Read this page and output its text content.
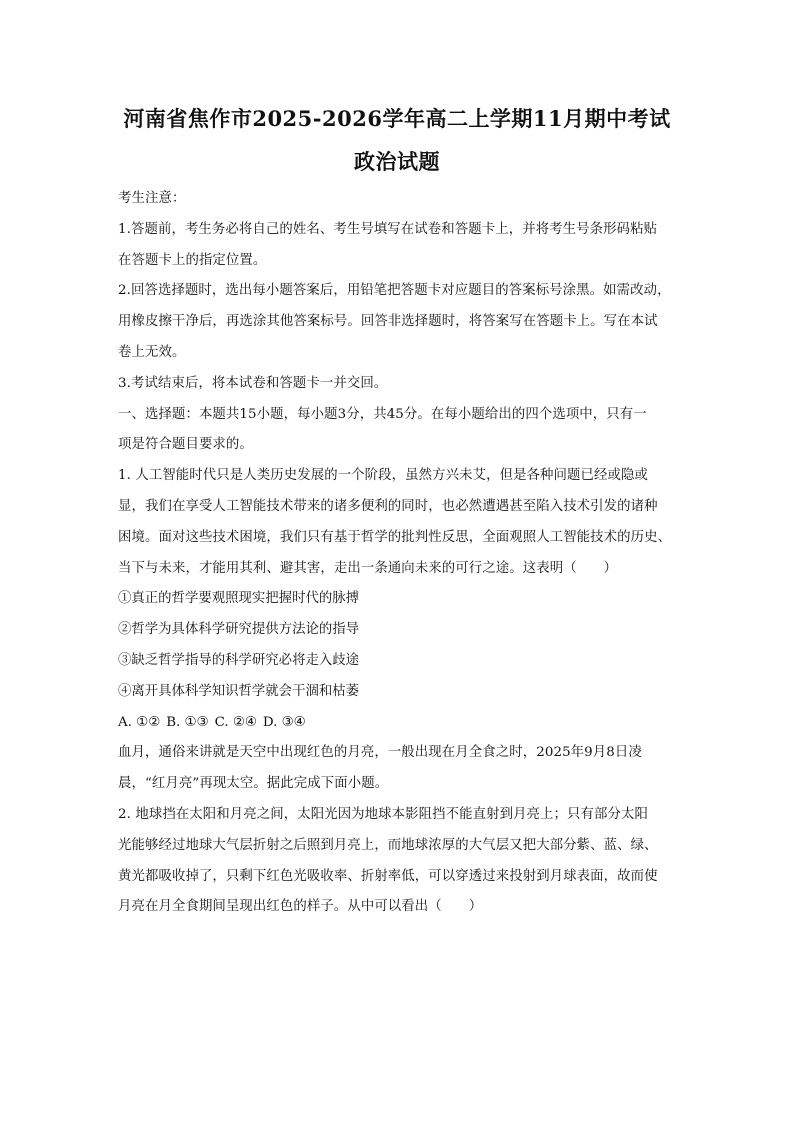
河南省焦作市2025-2026学年高二上学期11月期中考试
政治试题
考生注意：
1.答题前，考生务必将自己的姓名、考生号填写在试卷和答题卡上，并将考生号条形码粘贴
在答题卡上的指定位置。
2.回答选择题时，选出每小题答案后，用铅笔把答题卡对应题目的答案标号涂黑。如需改动，
用橡皮擦干净后，再选涂其他答案标号。回答非选择题时，将答案写在答题卡上。写在本试
卷上无效。
3.考试结束后，将本试卷和答题卡一并交回。
一、选择题：本题共15小题，每小题3分，共45分。在每小题给出的四个选项中，只有一
项是符合题目要求的。
1. 人工智能时代只是人类历史发展的一个阶段，虽然方兴未艾，但是各种问题已经或隐或
显，我们在享受人工智能技术带来的诸多便利的同时，也必然遭遇甚至陷入技术引发的诸种
困境。面对这些技术困境，我们只有基于哲学的批判性反思，全面观照人工智能技术的历史、
当下与未来，才能用其利、避其害，走出一条通向未来的可行之途。这表明（　　）
①真正的哲学要观照现实把握时代的脉搏
②哲学为具体科学研究提供方法论的指导
③缺乏哲学指导的科学研究必将走入歧途
④离开具体科学知识哲学就会干涸和枯萎
A. ①② B. ①③ C. ②④ D. ③④
血月，通俗来讲就是天空中出现红色的月亮，一般出现在月全食之时，2025年9月8日凌
晨，“红月亮”再现太空。据此完成下面小题。
2. 地球挡在太阳和月亮之间，太阳光因为地球本影阻挡不能直射到月亮上；只有部分太阳
光能够经过地球大气层折射之后照到月亮上，而地球浓厚的大气层又把大部分紫、蓝、绿、
黄光都吸收掉了，只剩下红色光吸收率、折射率低，可以穿透过来投射到月球表面，故而使
月亮在月全食期间呈现出红色的样子。从中可以看出（　　）
